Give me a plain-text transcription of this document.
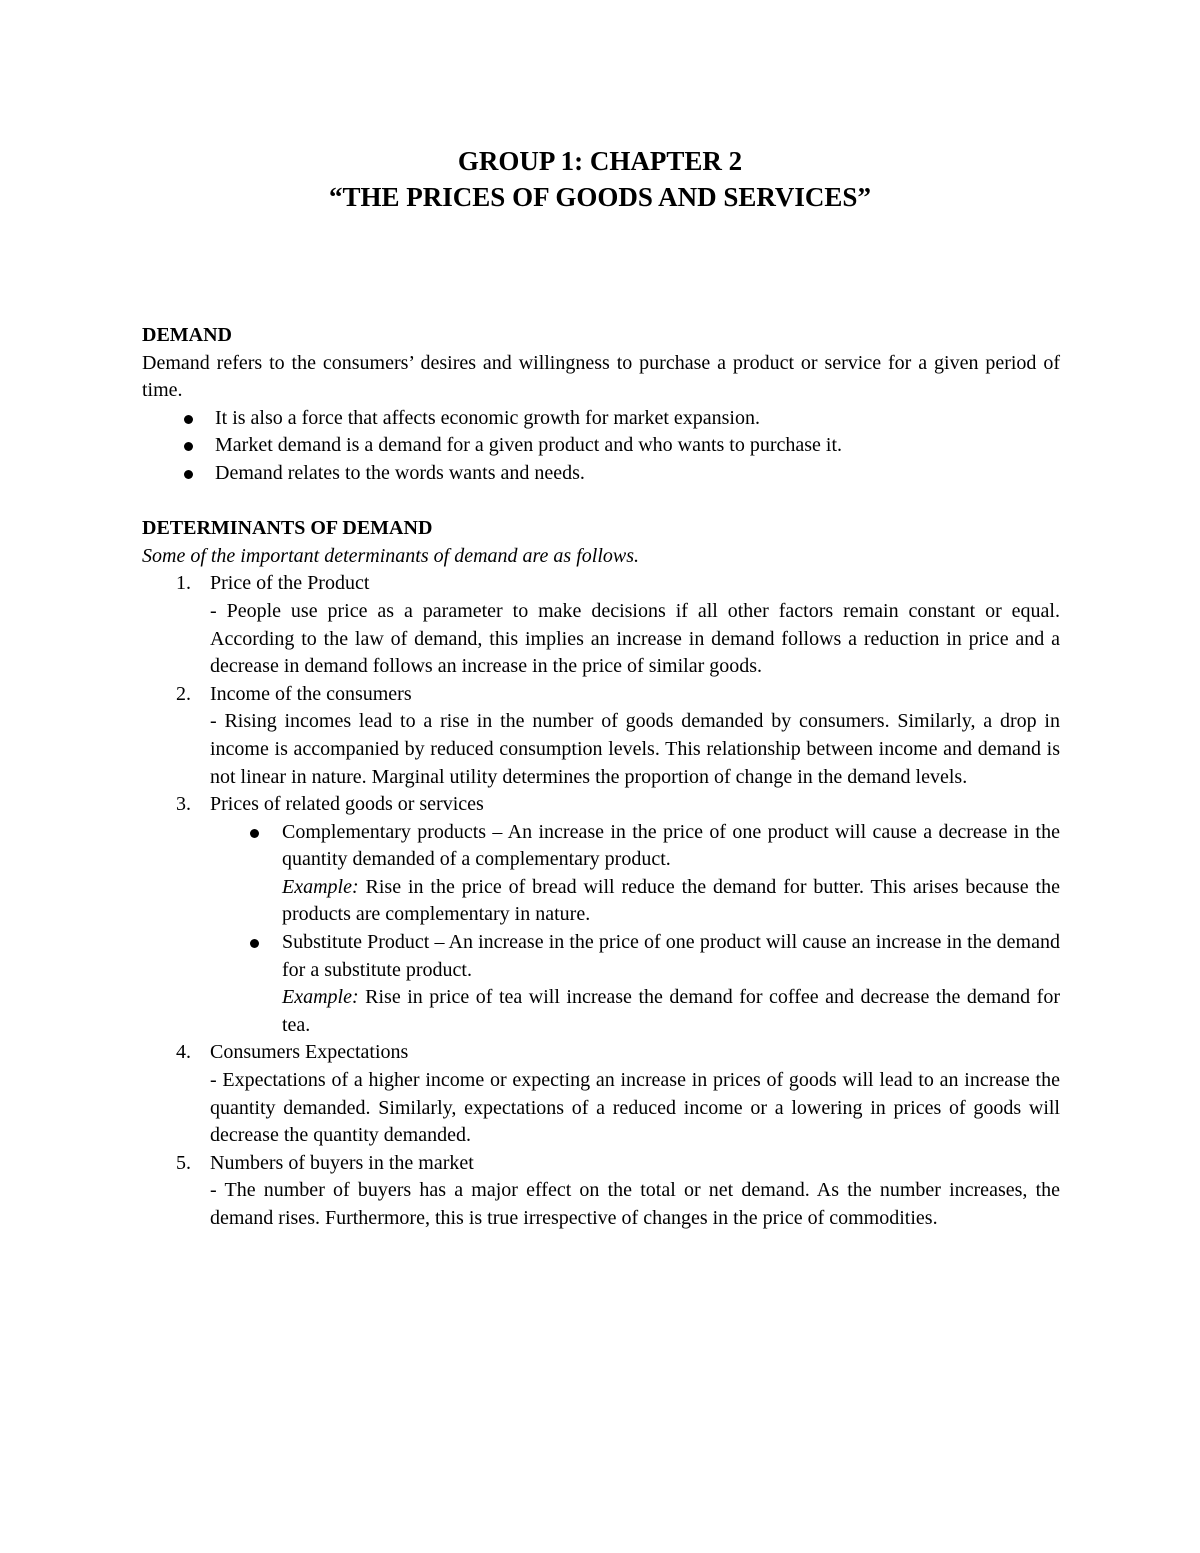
GROUP 1: CHAPTER 2
“THE PRICES OF GOODS AND SERVICES”
DEMAND
Demand refers to the consumers’ desires and willingness to purchase a product or service for a given period of time.
It is also a force that affects economic growth for market expansion.
Market demand is a demand for a given product and who wants to purchase it.
Demand relates to the words wants and needs.
DETERMINANTS OF DEMAND
Some of the important determinants of demand are as follows.
1. Price of the Product
- People use price as a parameter to make decisions if all other factors remain constant or equal. According to the law of demand, this implies an increase in demand follows a reduction in price and a decrease in demand follows an increase in the price of similar goods.
2. Income of the consumers
- Rising incomes lead to a rise in the number of goods demanded by consumers. Similarly, a drop in income is accompanied by reduced consumption levels. This relationship between income and demand is not linear in nature. Marginal utility determines the proportion of change in the demand levels.
3. Prices of related goods or services
Complementary products – An increase in the price of one product will cause a decrease in the quantity demanded of a complementary product.
Example: Rise in the price of bread will reduce the demand for butter. This arises because the products are complementary in nature.
Substitute Product – An increase in the price of one product will cause an increase in the demand for a substitute product.
Example: Rise in price of tea will increase the demand for coffee and decrease the demand for tea.
4. Consumers Expectations
- Expectations of a higher income or expecting an increase in prices of goods will lead to an increase the quantity demanded. Similarly, expectations of a reduced income or a lowering in prices of goods will decrease the quantity demanded.
5. Numbers of buyers in the market
- The number of buyers has a major effect on the total or net demand. As the number increases, the demand rises. Furthermore, this is true irrespective of changes in the price of commodities.
